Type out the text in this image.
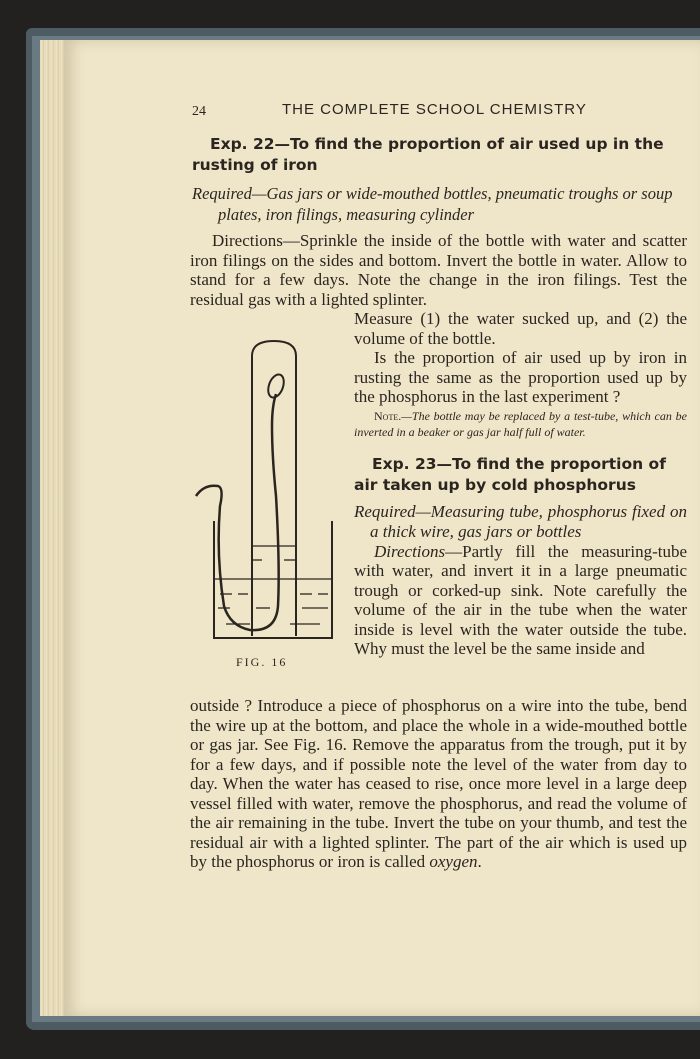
24	THE COMPLETE SCHOOL CHEMISTRY

Exp. 22—To find the proportion of air used up in the rusting of iron

Required—Gas jars or wide-mouthed bottles, pneumatic troughs or soup plates, iron filings, measuring cylinder

Directions—Sprinkle the inside of the bottle with water and scatter iron filings on the sides and bottom. Invert the bottle in water. Allow to stand for a few days. Note the change in the iron filings. Test the residual gas with a lighted splinter.

Measure (1) the water sucked up, and (2) the volume of the bottle.

Is the proportion of air used up by iron in rusting the same as the proportion used up by the phosphorus in the last experiment ?

Note.—The bottle may be replaced by a test-tube, which can be inverted in a beaker or gas jar half full of water.

Exp. 23—To find the proportion of air taken up by cold phosphorus

Required—Measuring tube, phosphorus fixed on a thick wire, gas jars or bottles

Directions—Partly fill the measuring-tube with water, and invert it in a large pneumatic trough or corked-up sink. Note carefully the volume of the air in the tube when the water inside is level with the water outside the tube. Why must the level be the same inside and

outside ? Introduce a piece of phosphorus on a wire into the tube, bend the wire up at the bottom, and place the whole in a wide-mouthed bottle or gas jar. See Fig. 16. Remove the apparatus from the trough, put it by for a few days, and if possible note the level of the water from day to day. When the water has ceased to rise, once more level in a large deep vessel filled with water, remove the phosphorus, and read the volume of the air remaining in the tube. Invert the tube on your thumb, and test the residual air with a lighted splinter. The part of the air which is used up by the phosphorus or iron is called oxygen.

FIG. 16
